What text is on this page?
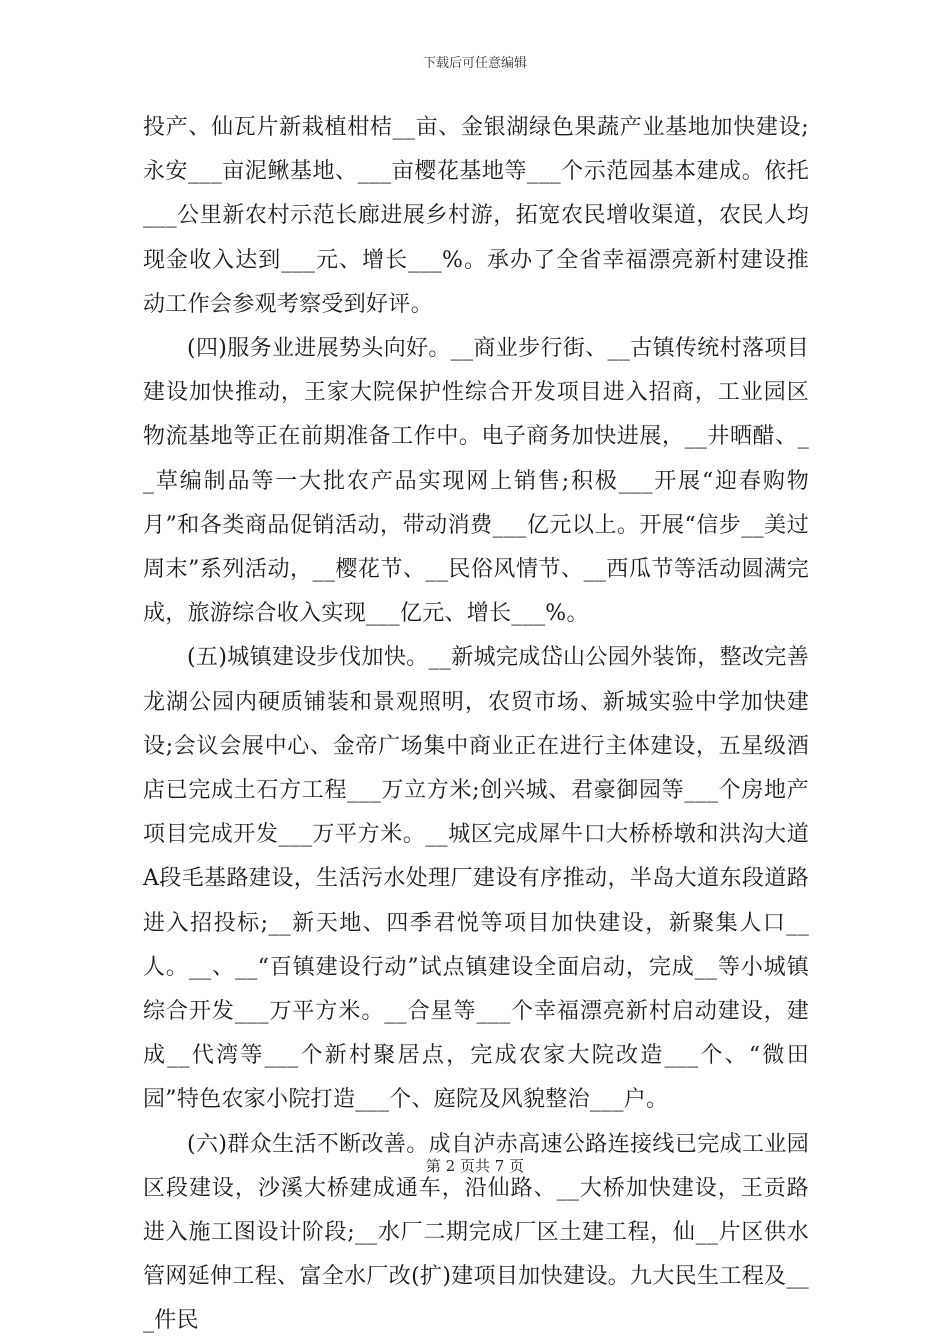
下载后可任意编辑

投产、仙瓦片新栽植柑桔__亩、金银湖绿色果蔬产业基地加快建设;永安___亩泥鳅基地、___亩樱花基地等___个示范园基本建成。依托___公里新农村示范长廊进展乡村游，拓宽农民增收渠道，农民人均现金收入达到___元、增长___%。承办了全省幸福漂亮新村建设推动工作会参观考察受到好评。

(四)服务业进展势头向好。__商业步行街、__古镇传统村落项目建设加快推动，王家大院保护性综合开发项目进入招商，工业园区物流基地等正在前期准备工作中。电子商务加快进展，__井晒醋、__草编制品等一大批农产品实现网上销售;积极___开展“迎春购物月”和各类商品促销活动，带动消费___亿元以上。开展“信步__美过周末”系列活动，__樱花节、__民俗风情节、__西瓜节等活动圆满完成，旅游综合收入实现___亿元、增长___%。

(五)城镇建设步伐加快。__新城完成岱山公园外装饰，整改完善龙湖公园内硬质铺装和景观照明，农贸市场、新城实验中学加快建设;会议会展中心、金帝广场集中商业正在进行主体建设，五星级酒店已完成土石方工程___万立方米;创兴城、君豪御园等___个房地产项目完成开发___万平方米。__城区完成犀牛口大桥桥墩和洪沟大道A段毛基路建设，生活污水处理厂建设有序推动，半岛大道东段道路进入招投标;__新天地、四季君悦等项目加快建设，新聚集人口__人。__、__“百镇建设行动”试点镇建设全面启动，完成__等小城镇综合开发___万平方米。__合星等___个幸福漂亮新村启动建设，建成__代湾等___个新村聚居点，完成农家大院改造___个、“微田园”特色农家小院打造___个、庭院及风貌整治___户。

(六)群众生活不断改善。成自泸赤高速公路连接线已完成工业园区段建设，沙溪大桥建成通车，沿仙路、__大桥加快建设，王贡路进入施工图设计阶段;__水厂二期完成厂区土建工程，仙__片区供水管网延伸工程、富全水厂改(扩)建项目加快建设。九大民生工程及___件民

第 2 页共 7 页
